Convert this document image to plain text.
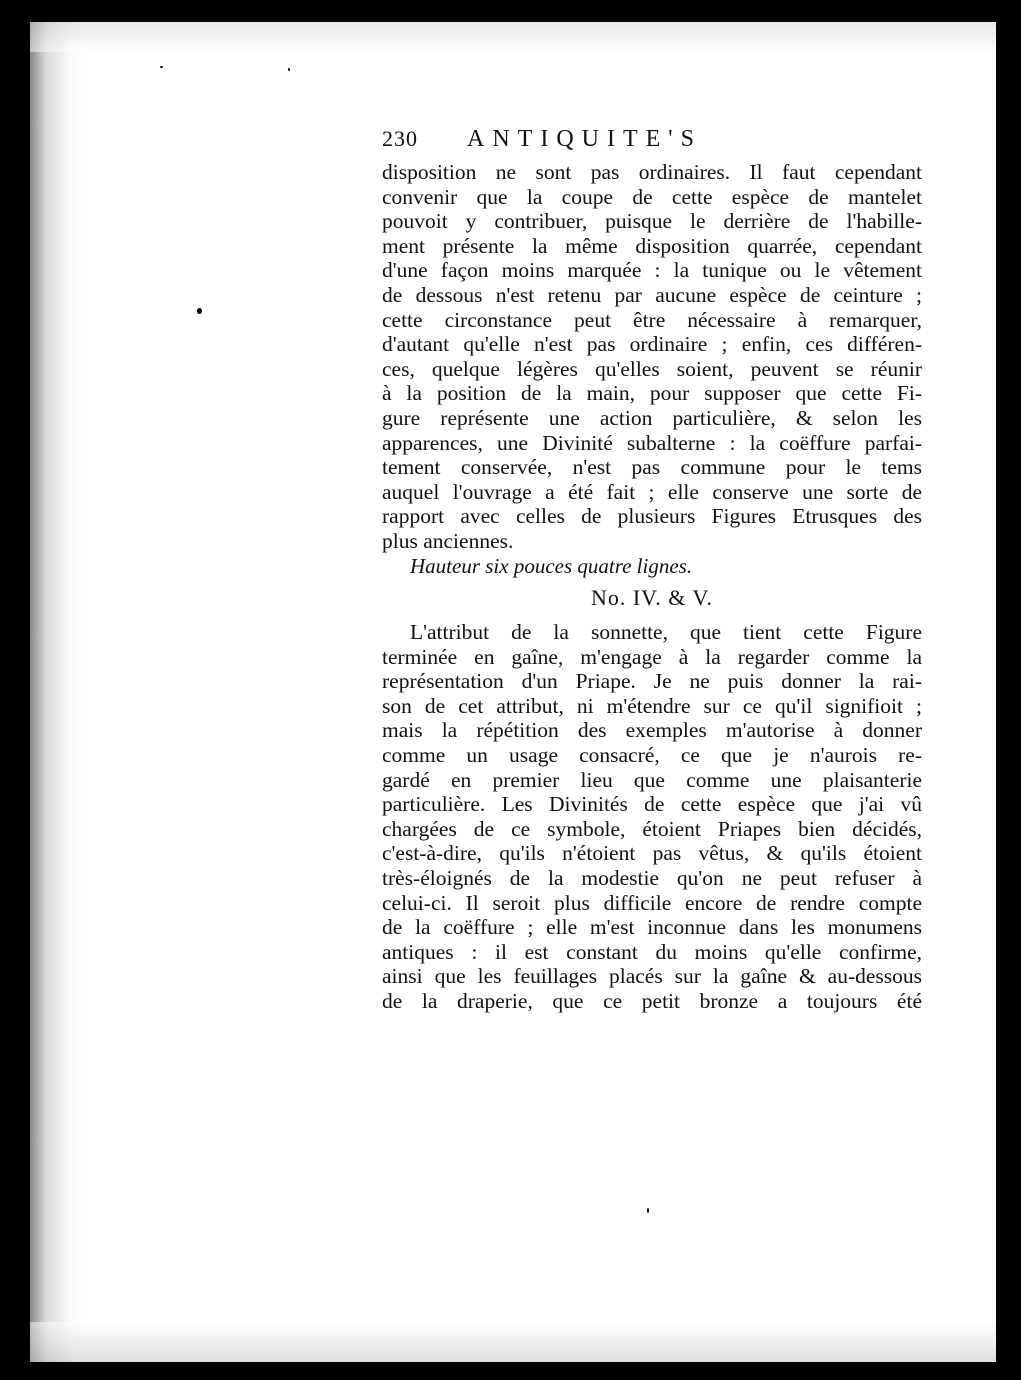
230	ANTIQUITE'S
disposition ne sont pas ordinaires. Il faut cependant
convenir que la coupe de cette espèce de mantelet
pouvoit y contribuer, puisque le derrière de l'habille-
ment présente la même disposition quarrée, cependant
d'une façon moins marquée : la tunique ou le vêtement
de dessous n'est retenu par aucune espèce de ceinture ;
cette circonstance peut être nécessaire à remarquer,
d'autant qu'elle n'est pas ordinaire ; enfin, ces différen-
ces, quelque légères qu'elles soient, peuvent se réunir
à la position de la main, pour supposer que cette Fi-
gure représente une action particulière, & selon les
apparences, une Divinité subalterne : la coëffure parfai-
tement conservée, n'est pas commune pour le tems
auquel l'ouvrage a été fait ; elle conserve une sorte de
rapport avec celles de plusieurs Figures Etrusques des
plus anciennes.
Hauteur six pouces quatre lignes.
No. IV. & V.
L'attribut de la sonnette, que tient cette Figure
terminée en gaîne, m'engage à la regarder comme la
représentation d'un Priape. Je ne puis donner la rai-
son de cet attribut, ni m'étendre sur ce qu'il signifioit ;
mais la répétition des exemples m'autorise à donner
comme un usage consacré, ce que je n'aurois re-
gardé en premier lieu que comme une plaisanterie
particulière. Les Divinités de cette espèce que j'ai vû
chargées de ce symbole, étoient Priapes bien décidés,
c'est-à-dire, qu'ils n'étoient pas vêtus, & qu'ils étoient
très-éloignés de la modestie qu'on ne peut refuser à
celui-ci. Il seroit plus difficile encore de rendre compte
de la coëffure ; elle m'est inconnue dans les monumens
antiques : il est constant du moins qu'elle confirme,
ainsi que les feuillages placés sur la gaîne & au-dessous
de la draperie, que ce petit bronze a toujours été
